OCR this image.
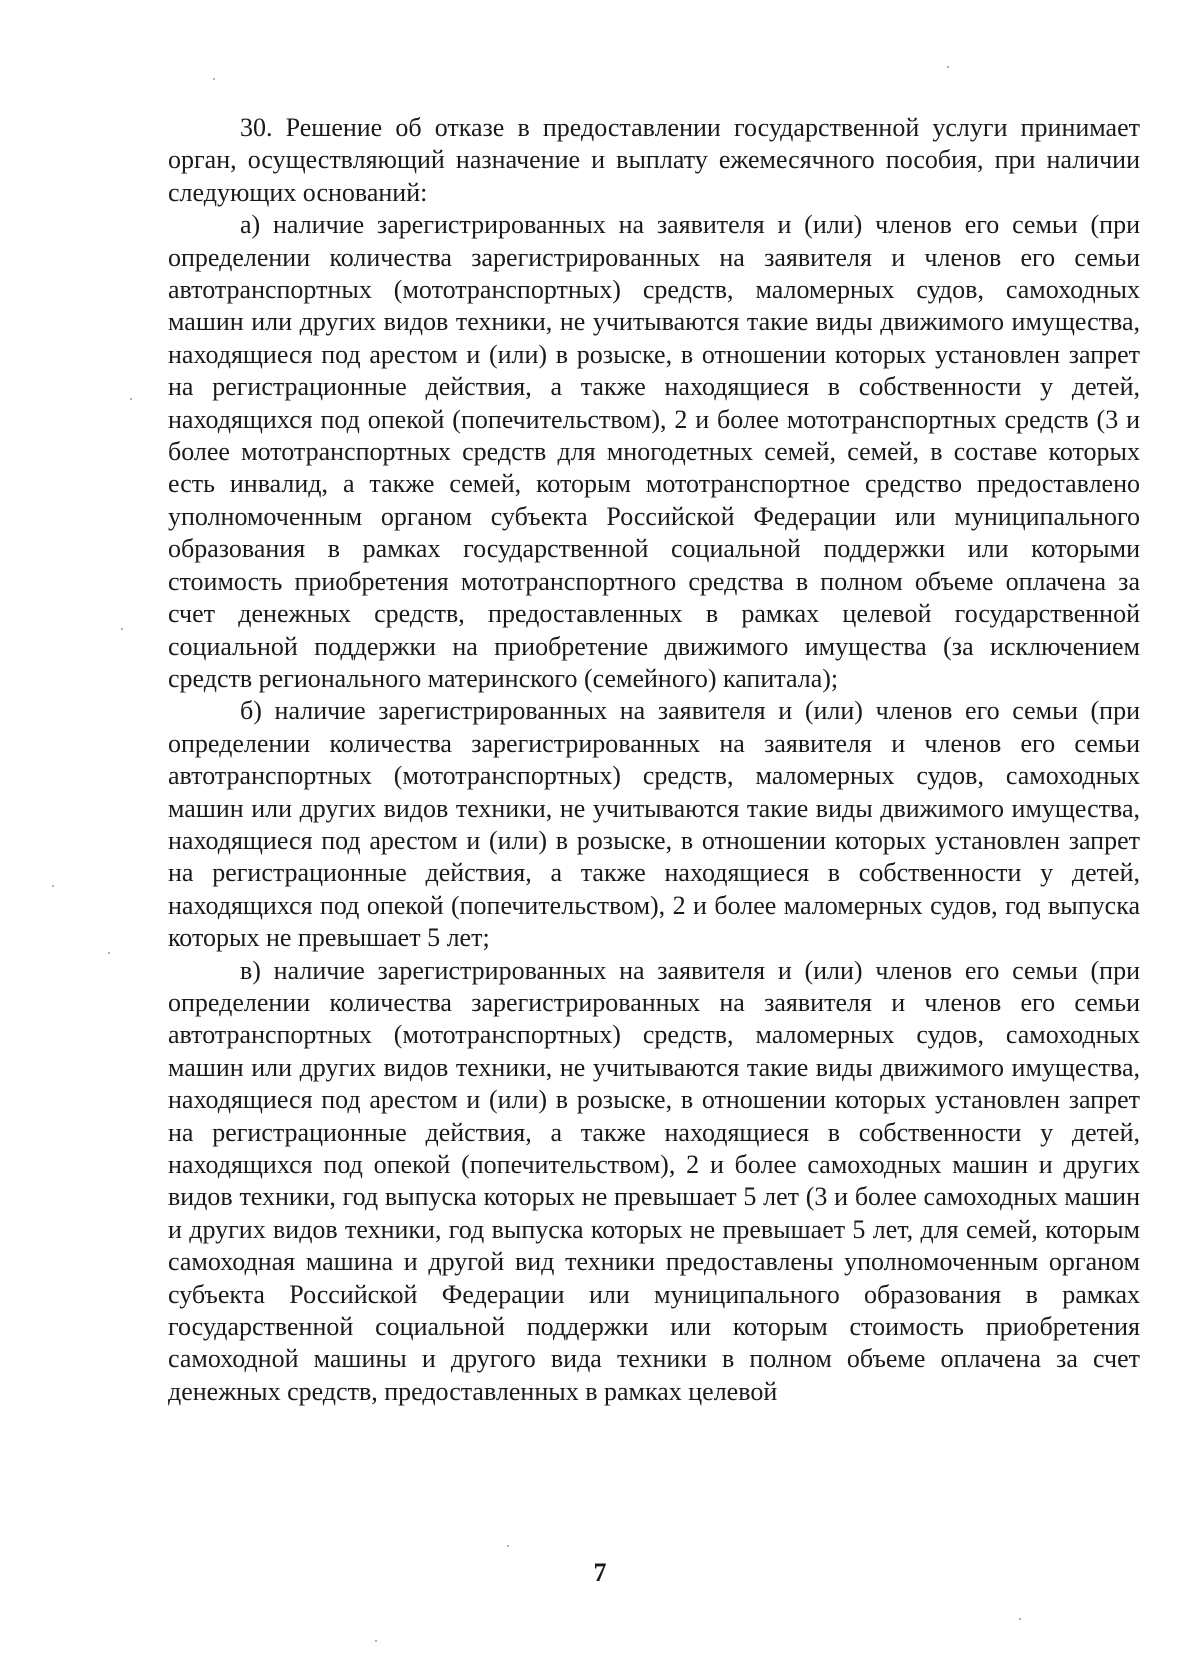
30. Решение об отказе в предоставлении государственной услуги принимает орган, осуществляющий назначение и выплату ежемесячного пособия, при наличии следующих оснований:

а) наличие зарегистрированных на заявителя и (или) членов его семьи (при определении количества зарегистрированных на заявителя и членов его семьи автотранспортных (мототранспортных) средств, маломерных судов, самоходных машин или других видов техники, не учитываются такие виды движимого имущества, находящиеся под арестом и (или) в розыске, в отношении которых установлен запрет на регистрационные действия, а также находящиеся в собственности у детей, находящихся под опекой (попечительством), 2 и более мототранспортных средств (3 и более мототранспортных средств для многодетных семей, семей, в составе которых есть инвалид, а также семей, которым мототранспортное средство предоставлено уполномоченным органом субъекта Российской Федерации или муниципального образования в рамках государственной социальной поддержки или которыми стоимость приобретения мототранспортного средства в полном объеме оплачена за счет денежных средств, предоставленных в рамках целевой государственной социальной поддержки на приобретение движимого имущества (за исключением средств регионального материнского (семейного) капитала);

б) наличие зарегистрированных на заявителя и (или) членов его семьи (при определении количества зарегистрированных на заявителя и членов его семьи автотранспортных (мототранспортных) средств, маломерных судов, самоходных машин или других видов техники, не учитываются такие виды движимого имущества, находящиеся под арестом и (или) в розыске, в отношении которых установлен запрет на регистрационные действия, а также находящиеся в собственности у детей, находящихся под опекой (попечительством), 2 и более маломерных судов, год выпуска которых не превышает 5 лет;

в) наличие зарегистрированных на заявителя и (или) членов его семьи (при определении количества зарегистрированных на заявителя и членов его семьи автотранспортных (мототранспортных) средств, маломерных судов, самоходных машин или других видов техники, не учитываются такие виды движимого имущества, находящиеся под арестом и (или) в розыске, в отношении которых установлен запрет на регистрационные действия, а также находящиеся в собственности у детей, находящихся под опекой (попечительством), 2 и более самоходных машин и других видов техники, год выпуска которых не превышает 5 лет (3 и более самоходных машин и других видов техники, год выпуска которых не превышает 5 лет, для семей, которым самоходная машина и другой вид техники предоставлены уполномоченным органом субъекта Российской Федерации или муниципального образования в рамках государственной социальной поддержки или которым стоимость приобретения самоходной машины и другого вида техники в полном объеме оплачена за счет денежных средств, предоставленных в рамках целевой

7
